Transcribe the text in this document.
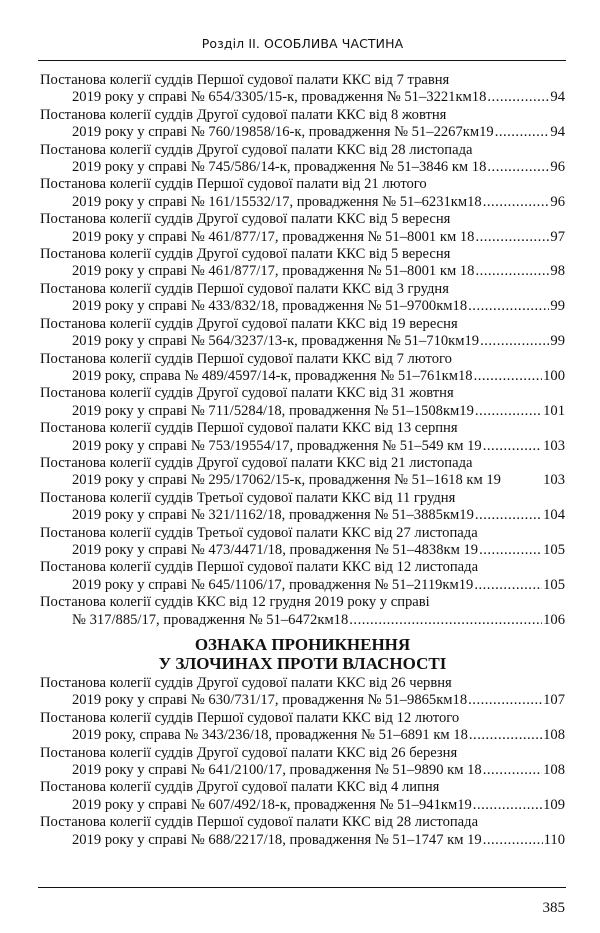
Розділ II. ОСОБЛИВА ЧАСТИНА
Постанова колегії суддів Першої судової палати ККС від 7 травня
2019 року у справі № 654/3305/15-к, провадження № 51–3221км18 .....	94
Постанова колегії суддів Другої судової палати ККС від 8 жовтня
2019 року у справі № 760/19858/16-к, провадження № 51–2267км19 .....	94
Постанова колегії суддів Другої судової палати ККС від 28 листопада
2019 року у справі № 745/586/14-к, провадження № 51–3846 км 18 .....	96
Постанова колегії суддів Першої судової палати від 21 лютого
2019 року у справі № 161/15532/17, провадження № 51–6231км18 .....	96
Постанова колегії суддів Другої судової палати ККС від 5 вересня
2019 року у справі № 461/877/17, провадження № 51–8001 км 18 .....	97
Постанова колегії суддів Другої судової палати ККС від 5 вересня
2019 року у справі № 461/877/17, провадження № 51–8001 км 18 .....	98
Постанова колегії суддів Першої судової палати ККС від 3 грудня
2019 року у справі № 433/832/18, провадження № 51–9700км18 .....	99
Постанова колегії суддів Другої судової палати ККС від 19 вересня
2019 року у справі № 564/3237/13-к, провадження № 51–710км19 .....	99
Постанова колегії суддів Першої судової палати ККС від 7 лютого
2019 року, справа № 489/4597/14-к, провадження № 51–761км18 .....	100
Постанова колегії суддів Другої судової палати ККС від 31 жовтня
2019 року у справі № 711/5284/18, провадження № 51–1508км19 .....	101
Постанова колегії суддів Першої судової палати ККС від 13 серпня
2019 року у справі № 753/19554/17, провадження № 51–549 км 19 .....	103
Постанова колегії суддів Другої судової палати ККС від 21 листопада
2019 року у справі № 295/17062/15-к, провадження № 51–1618 км 19	103
Постанова колегії суддів Третьої судової палати ККС від 11 грудня
2019 року у справі № 321/1162/18, провадження № 51–3885км19 .....	104
Постанова колегії суддів Третьої судової палати ККС від 27 листопада
2019 року у справі № 473/4471/18, провадження № 51–4838км 19 .....	105
Постанова колегії суддів Першої судової палати ККС від 12 листопада
2019 року у справі № 645/1106/17, провадження № 51–2119км19 .....	105
Постанова колегії суддів ККС від 12 грудня 2019 року у справі
№ 317/885/17, провадження № 51–6472км18 .....	106
ОЗНАКА ПРОНИКНЕННЯ
У ЗЛОЧИНАХ ПРОТИ ВЛАСНОСТІ
Постанова колегії суддів Другої судової палати ККС від 26 червня
2019 року у справі № 630/731/17, провадження № 51–9865км18 .....	107
Постанова колегії суддів Першої судової палати ККС від 12 лютого
2019 року, справа № 343/236/18, провадження № 51–6891 км 18 .....	108
Постанова колегії суддів Другої судової палати ККС від 26 березня
2019 року у справі № 641/2100/17, провадження № 51–9890 км 18 .....	108
Постанова колегії суддів Другої судової палати ККС від 4 липня
2019 року у справі № 607/492/18-к, провадження № 51–941км19 .....	109
Постанова колегії суддів Першої судової палати ККС від 28 листопада
2019 року у справі № 688/2217/18, провадження № 51–1747 км 19 .....	110
385
